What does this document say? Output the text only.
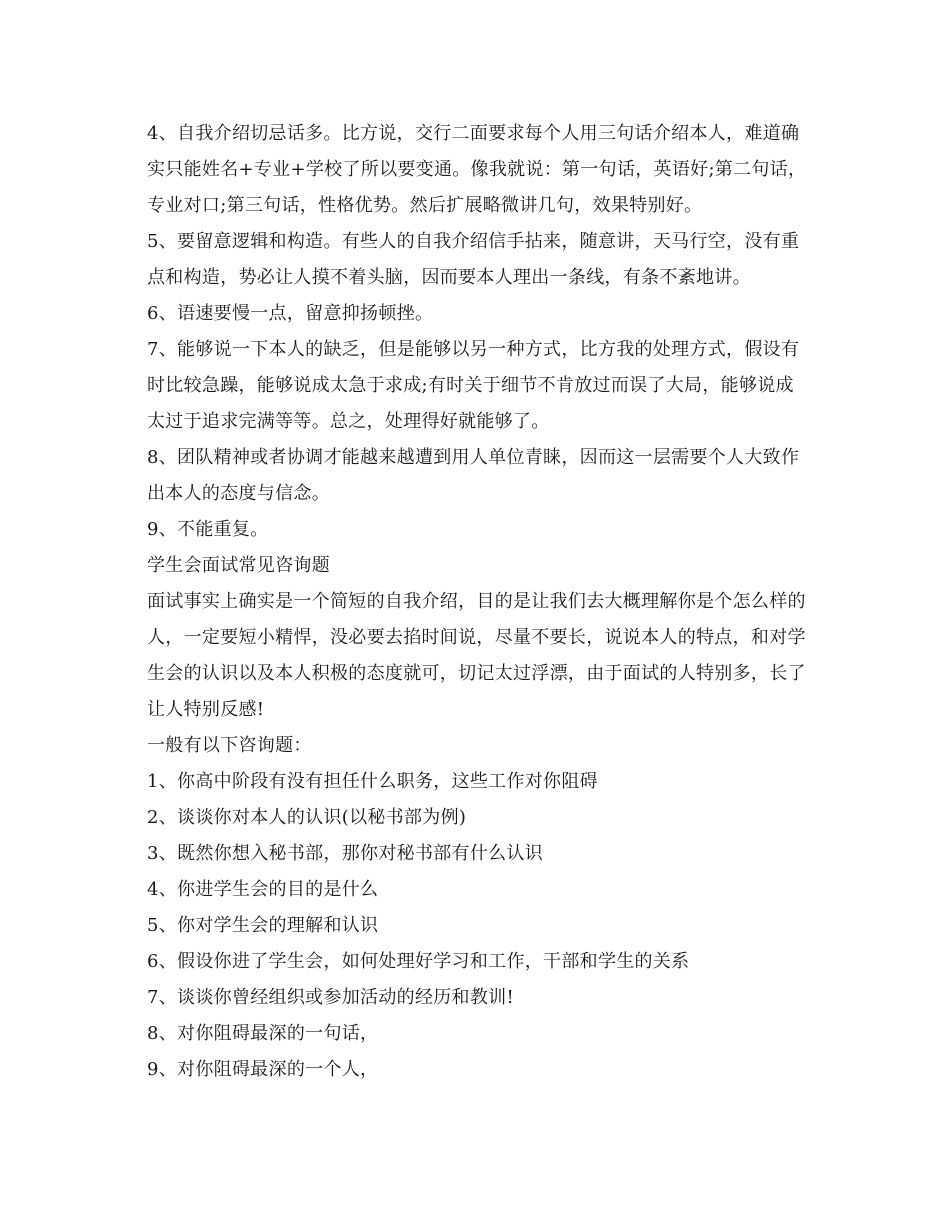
4、自我介绍切忌话多。比方说，交行二面要求每个人用三句话介绍本人，难道确实只能姓名+专业+学校了所以要变通。像我就说：第一句话，英语好;第二句话，专业对口;第三句话，性格优势。然后扩展略微讲几句，效果特别好。

5、要留意逻辑和构造。有些人的自我介绍信手拈来，随意讲，天马行空，没有重点和构造，势必让人摸不着头脑，因而要本人理出一条线，有条不紊地讲。

6、语速要慢一点，留意抑扬顿挫。

7、能够说一下本人的缺乏，但是能够以另一种方式，比方我的处理方式，假设有时比较急躁，能够说成太急于求成;有时关于细节不肯放过而误了大局，能够说成太过于追求完满等等。总之，处理得好就能够了。

8、团队精神或者协调才能越来越遭到用人单位青睐，因而这一层需要个人大致作出本人的态度与信念。

9、不能重复。

学生会面试常见咨询题

面试事实上确实是一个简短的自我介绍，目的是让我们去大概理解你是个怎么样的人，一定要短小精悍，没必要去掐时间说，尽量不要长，说说本人的特点，和对学生会的认识以及本人积极的态度就可，切记太过浮漂，由于面试的人特别多，长了让人特别反感!

一般有以下咨询题：

1、你高中阶段有没有担任什么职务，这些工作对你阻碍

2、谈谈你对本人的认识(以秘书部为例)

3、既然你想入秘书部，那你对秘书部有什么认识

4、你进学生会的目的是什么

5、你对学生会的理解和认识

6、假设你进了学生会，如何处理好学习和工作，干部和学生的关系

7、谈谈你曾经组织或参加活动的经历和教训!

8、对你阻碍最深的一句话，

9、对你阻碍最深的一个人，
